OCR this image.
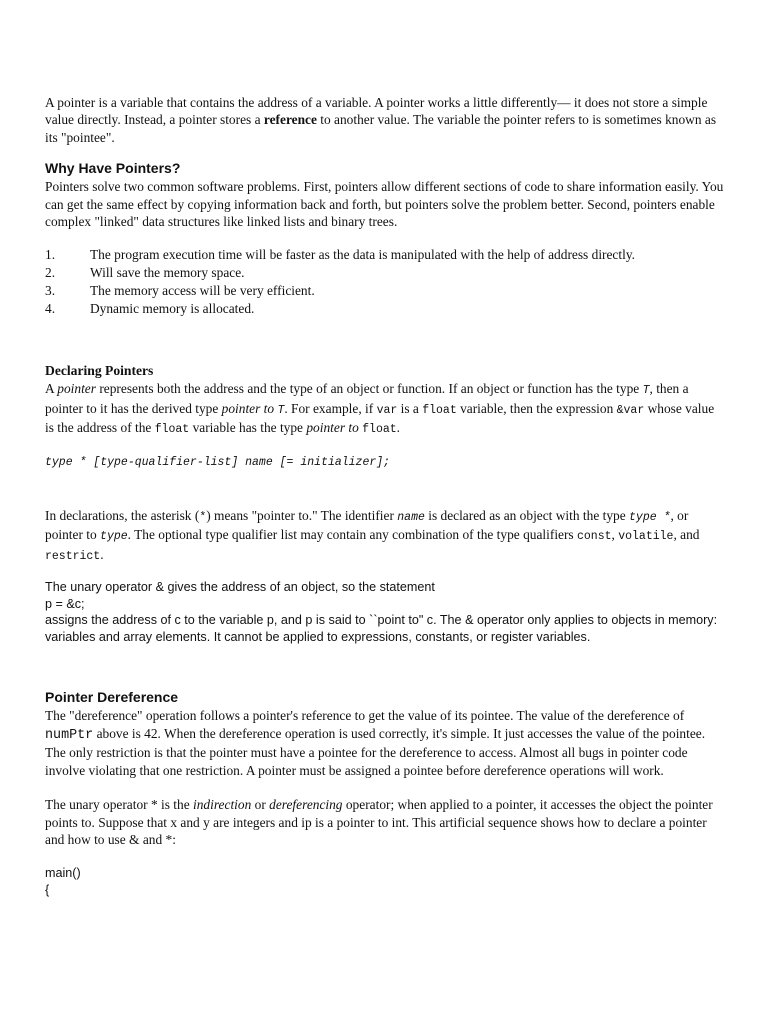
A pointer is a variable that contains the address of a variable. A pointer works a little differently— it does not store a simple value directly. Instead, a pointer stores a reference to another value. The variable the pointer refers to is sometimes known as its "pointee".

Why Have Pointers?

Pointers solve two common software problems. First, pointers allow different sections of code to share information easily. You can get the same effect by copying information back and forth, but pointers solve the problem better. Second, pointers enable complex "linked" data structures like linked lists and binary trees.

1.	The program execution time will be faster as the data is manipulated with the help of address directly.
2.	Will save the memory space.
3.	The memory access will be very efficient.
4.	Dynamic memory is allocated.
Declaring Pointers

A pointer represents both the address and the type of an object or function. If an object or function has the type T, then a pointer to it has the derived type pointer to T. For example, if var is a float variable, then the expression &var whose value is the address of the float variable has the type pointer to float.

type * [type-qualifier-list] name [= initializer];

In declarations, the asterisk (*) means "pointer to." The identifier name is declared as an object with the type type *, or pointer to type. The optional type qualifier list may contain any combination of the type qualifiers const, volatile, and restrict.

The unary operator & gives the address of an object, so the statement
p = &c;
assigns the address of c to the variable p, and p is said to ``point to" c. The & operator only applies to objects in memory: variables and array elements. It cannot be applied to expressions, constants, or register variables.
Pointer Dereference

The "dereference" operation follows a pointer's reference to get the value of its pointee. The value of the dereference of numPtr above is 42. When the dereference operation is used correctly, it's simple. It just accesses the value of the pointee. The only restriction is that the pointer must have a pointee for the dereference to access. Almost all bugs in pointer code involve violating that one restriction. A pointer must be assigned a pointee before dereference operations will work.

The unary operator * is the indirection or dereferencing operator; when applied to a pointer, it accesses the object the pointer points to. Suppose that x and y are integers and ip is a pointer to int. This artificial sequence shows how to declare a pointer and how to use & and *:

main()
{
